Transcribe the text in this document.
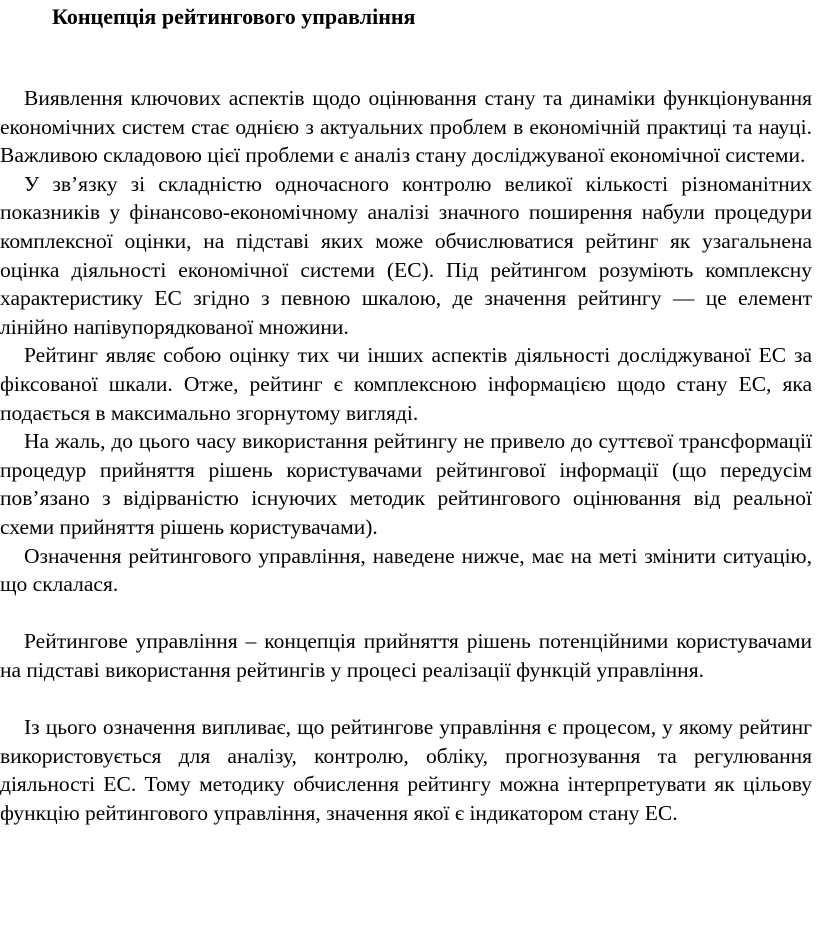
Концепція рейтингового управління

Виявлення ключових аспектів щодо оцінювання стану та динаміки функціонування економічних систем стає однією з актуальних проблем в економічній практиці та науці. Важливою складовою цієї проблеми є аналіз стану досліджуваної економічної системи.

У зв’язку зі складністю одночасного контролю великої кількості різноманітних показників у фінансово-економічному аналізі значного поширення набули процедури комплексної оцінки, на підставі яких може обчислюватися рейтинг як узагальнена оцінка діяльності економічної системи (ЕС). Під рейтингом розуміють комплексну характеристику ЕС згідно з певною шкалою, де значення рейтингу — це елемент лінійно напівупорядкованої множини.

Рейтинг являє собою оцінку тих чи інших аспектів діяльності досліджуваної ЕС за фіксованої шкали. Отже, рейтинг є комплексною інформацією щодо стану ЕС, яка подається в максимально згорнутому вигляді.

На жаль, до цього часу використання рейтингу не привело до суттєвої трансформації процедур прийняття рішень користувачами рейтингової інформації (що передусім пов’язано з відірваністю існуючих методик рейтингового оцінювання від реальної схеми прийняття рішень користувачами).

Означення рейтингового управління, наведене нижче, має на меті змінити ситуацію, що склалася.

Рейтингове управління – концепція прийняття рішень потенційними користувачами на підставі використання рейтингів у процесі реалізації функцій управління.

Із цього означення випливає, що рейтингове управління є процесом, у якому рейтинг використовується для аналізу, контролю, обліку, прогнозування та регулювання діяльності ЕС. Тому методику обчислення рейтингу можна інтерпретувати як цільову функцію рейтингового управління, значення якої є індикатором стану ЕС.
